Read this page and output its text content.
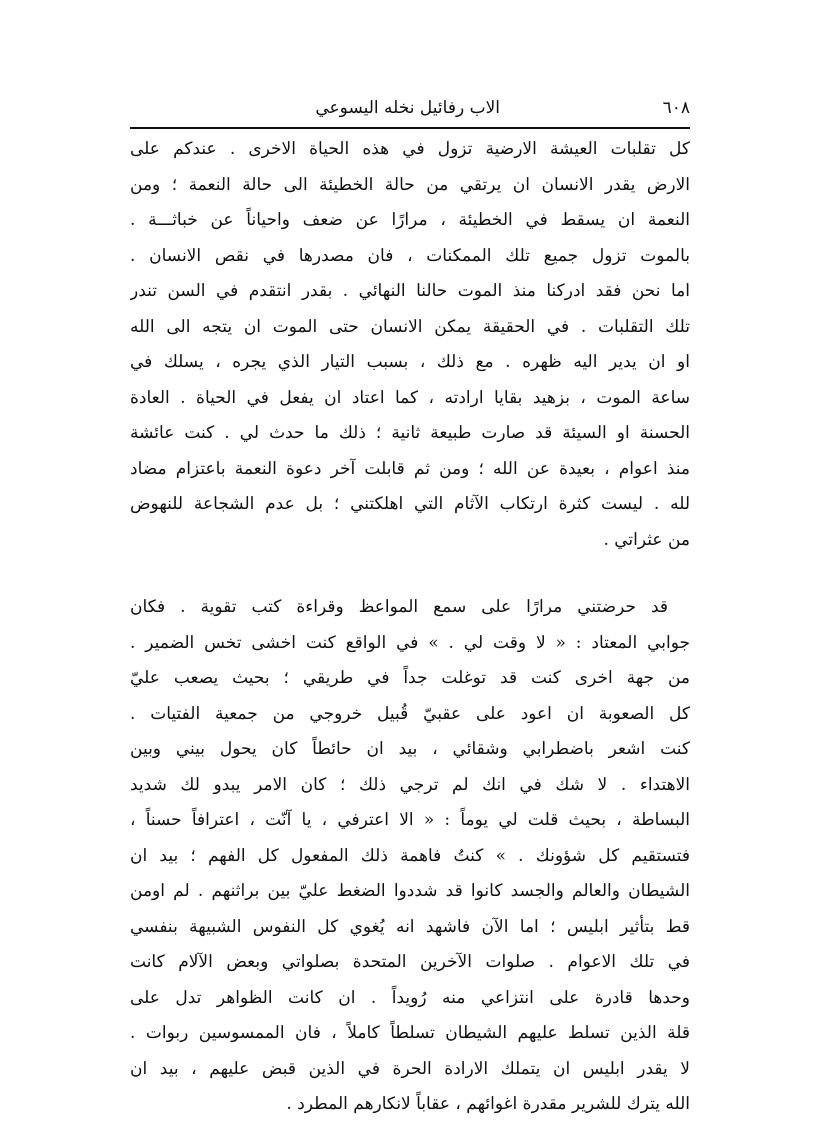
الاب رفائيل نخله اليسوعي	٦٠٨
كل تقلبات العيشة الارضية تزول في هذه الحياة الاخرى . عندكم على
الارض يقدر الانسان ان يرتقي من حالة الخطيئة الى حالة النعمة ؛ ومن
النعمة ان يسقط في الخطيئة ، مرارًا عن ضعف واحياناً عن خباثـــة .
بالموت تزول جميع تلك الممكنات ، فان مصدرها في نقص الانسان .
اما نحن فقد ادركنا منذ الموت حالنا النهائي . بقدر انتقدم في السن تندر
تلك التقلبات . في الحقيقة يمكن الانسان حتى الموت ان يتجه الى الله
او ان يدير اليه ظهره . مع ذلك ، بسبب التيار الذي يجره ، يسلك في
ساعة الموت ، بزهيد بقايا ارادته ، كما اعتاد ان يفعل في الحياة . العادة
الحسنة او السيئة قد صارت طبيعة ثانية ؛ ذلك ما حدث لي . كنت عائشة
منذ اعوام ، بعيدة عن الله ؛ ومن ثم قابلت آخر دعوة النعمة باعتزام مضاد
لله . ليست كثرة ارتكاب الآثام التي اهلكتني ؛ بل عدم الشجاعة للنهوض
من عثراتي .
قد حرضتني مرارًا على سمع المواعظ وقراءة كتب تقوية . فكان
جوابي المعتاد : « لا وقت لي . » في الواقع كنت اخشى تخس الضمير .
من جهة اخرى كنت قد توغلت جداً في طريقي ؛ بحيث يصعب عليّ
كل الصعوبة ان اعود على عقبيّ قُبيل خروجي من جمعية الفتيات .
كنت اشعر باضطرابي وشقائي ، بيد ان حائطاً كان يحول بيني وبين
الاهتداء . لا شك في انك لم ترجي ذلك ؛ كان الامر يبدو لك شديد
البساطة ، بحيث قلت لي يوماً : « الا اعترفي ، يا آنّت ، اعترافاً حسناً ،
فتستقيم كل شؤونك . » كنتُ فاهمة ذلك المفعول كل الفهم ؛ بيد ان
الشيطان والعالم والجسد كانوا قد شددوا الضغط عليّ بين براثنهم . لم اومن
قط بتأثير ابليس ؛ اما الآن فاشهد انه يُغوي كل النفوس الشبيهة بنفسي
في تلك الاعوام . صلوات الآخرين المتحدة بصلواتي وبعض الآلام كانت
وحدها قادرة على انتزاعي منه رُويداً . ان كانت الظواهر تدل على
قلة الذين تسلط عليهم الشيطان تسلطاً كاملاً ، فان الممسوسين ربوات .
لا يقدر ابليس ان يتملك الارادة الحرة في الذين قبض عليهم ، بيد ان
الله يترك للشرير مقدرة اغوائهم ، عقاباً لانكارهم المطرد .
